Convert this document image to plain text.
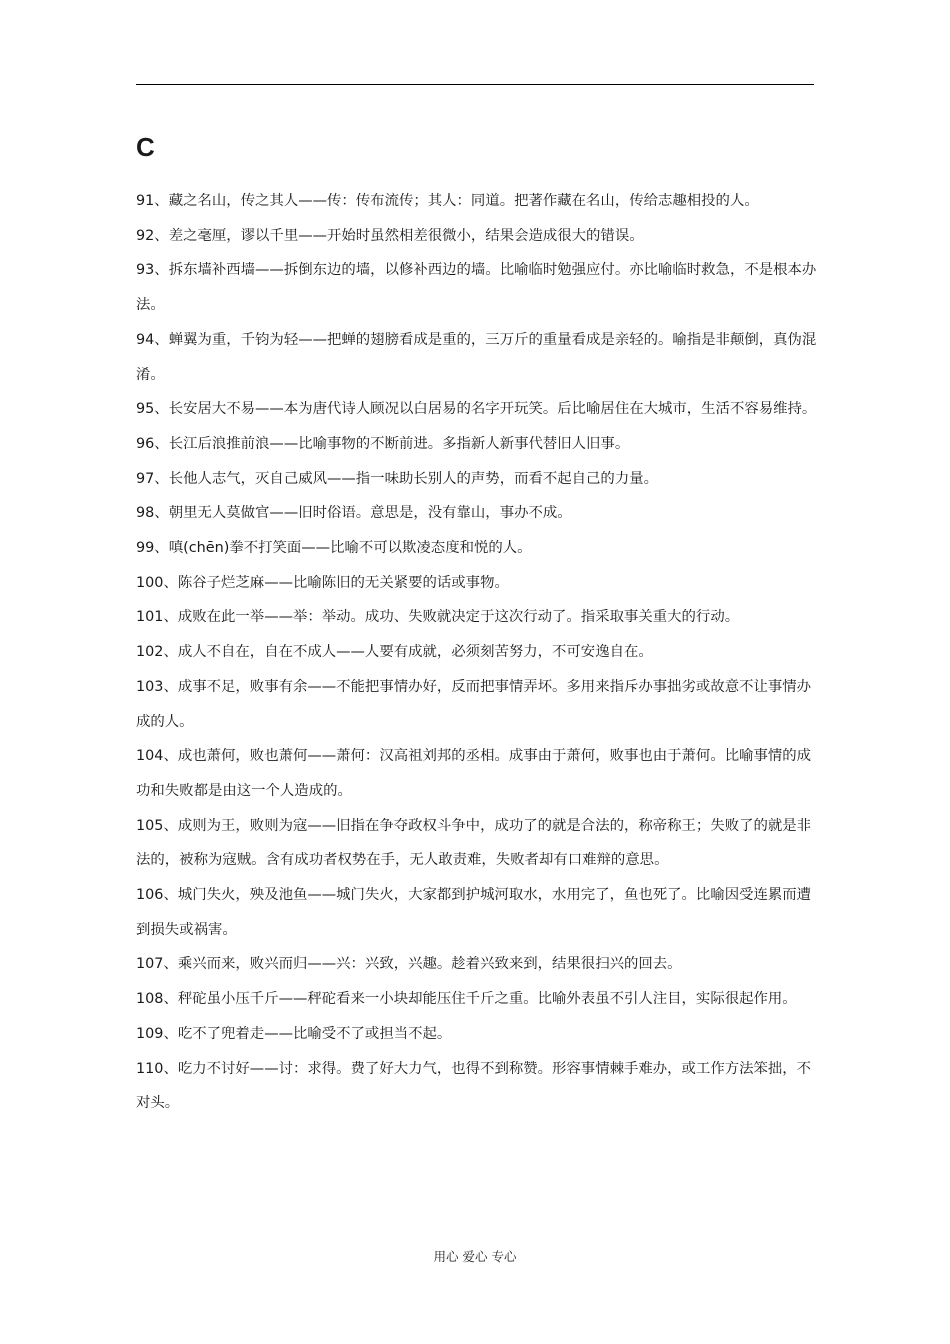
C
91、藏之名山，传之其人——传：传布流传；其人：同道。把著作藏在名山，传给志趣相投的人。
92、差之毫厘，谬以千里——开始时虽然相差很微小，结果会造成很大的错误。
93、拆东墙补西墙——拆倒东边的墙，以修补西边的墙。比喻临时勉强应付。亦比喻临时救急，不是根本办法。
94、蝉翼为重，千钧为轻——把蝉的翅膀看成是重的，三万斤的重量看成是亲轻的。喻指是非颠倒，真伪混淆。
95、长安居大不易——本为唐代诗人顾况以白居易的名字开玩笑。后比喻居住在大城市，生活不容易维持。
96、长江后浪推前浪——比喻事物的不断前进。多指新人新事代替旧人旧事。
97、长他人志气，灭自己威风——指一味助长别人的声势，而看不起自己的力量。
98、朝里无人莫做官——旧时俗语。意思是，没有靠山，事办不成。
99、嗔(chēn)拳不打笑面——比喻不可以欺凌态度和悦的人。
100、陈谷子烂芝麻——比喻陈旧的无关紧要的话或事物。
101、成败在此一举——举：举动。成功、失败就决定于这次行动了。指采取事关重大的行动。
102、成人不自在，自在不成人——人要有成就，必须刻苦努力，不可安逸自在。
103、成事不足，败事有余——不能把事情办好，反而把事情弄坏。多用来指斥办事拙劣或故意不让事情办成的人。
104、成也萧何，败也萧何——萧何：汉高祖刘邦的丞相。成事由于萧何，败事也由于萧何。比喻事情的成功和失败都是由这一个人造成的。
105、成则为王，败则为寇——旧指在争夺政权斗争中，成功了的就是合法的，称帝称王；失败了的就是非法的，被称为寇贼。含有成功者权势在手，无人敢责难，失败者却有口难辩的意思。
106、城门失火，殃及池鱼——城门失火，大家都到护城河取水，水用完了，鱼也死了。比喻因受连累而遭到损失或祸害。
107、乘兴而来，败兴而归——兴：兴致，兴趣。趁着兴致来到，结果很扫兴的回去。
108、秤砣虽小压千斤——秤砣看来一小块却能压住千斤之重。比喻外表虽不引人注目，实际很起作用。
109、吃不了兜着走——比喻受不了或担当不起。
110、吃力不讨好——讨：求得。费了好大力气，也得不到称赞。形容事情棘手难办，或工作方法笨拙，不对头。
用心 爱心 专心
